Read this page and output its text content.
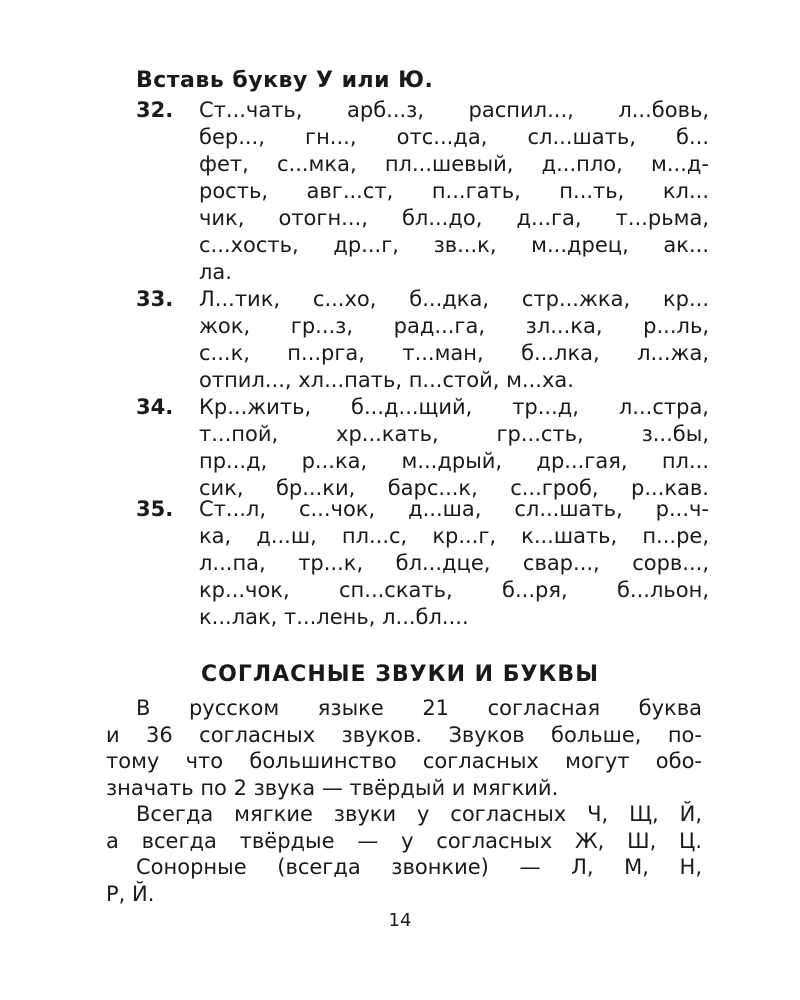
Вставь букву У или Ю.
32. Ст...чать, арб...з, распил..., л...бовь,
бер..., гн..., отс...да, сл...шать, б...
фет, с...мка, пл...шевый, д...пло, м...д-
рость, авг...ст, п...гать, п...ть, кл...
чик, отогн..., бл...до, д...га, т...рьма,
с...хость, др...г, зв...к, м...дрец, ак...
ла.
33. Л...тик, с...хо, б...дка, стр...жка, кр...
жок, гр...з, рад...га, зл...ка, р...ль,
с...к, п...рга, т...ман, б...лка, л...жа,
отпил..., хл...пать, п...стой, м...ха.
34. Кр...жить, б...д...щий, тр...д, л...стра,
т...пой, хр...кать, гр...сть, з...бы,
пр...д, р...ка, м...дрый, др...гая, пл...
сик, бр...ки, барс...к, с...гроб, р...кав.
35. Ст...л, с...чок, д...ша, сл...шать, р...ч-
ка, д...ш, пл...с, кр...г, к...шать, п...ре,
л...па, тр...к, бл...дце, свар..., сорв...,
кр...чок, сп...скать, б...ря, б...льон,
к...лак, т...лень, л...бл....
СОГЛАСНЫЕ ЗВУКИ И БУКВЫ
В русском языке 21 согласная буква
и 36 согласных звуков. Звуков больше, по-
тому что большинство согласных могут обо-
значать по 2 звука — твёрдый и мягкий.
Всегда мягкие звуки у согласных Ч, Щ, Й,
а всегда твёрдые — у согласных Ж, Ш, Ц.
Сонорные (всегда звонкие) — Л, М, Н,
Р, Й.
14
